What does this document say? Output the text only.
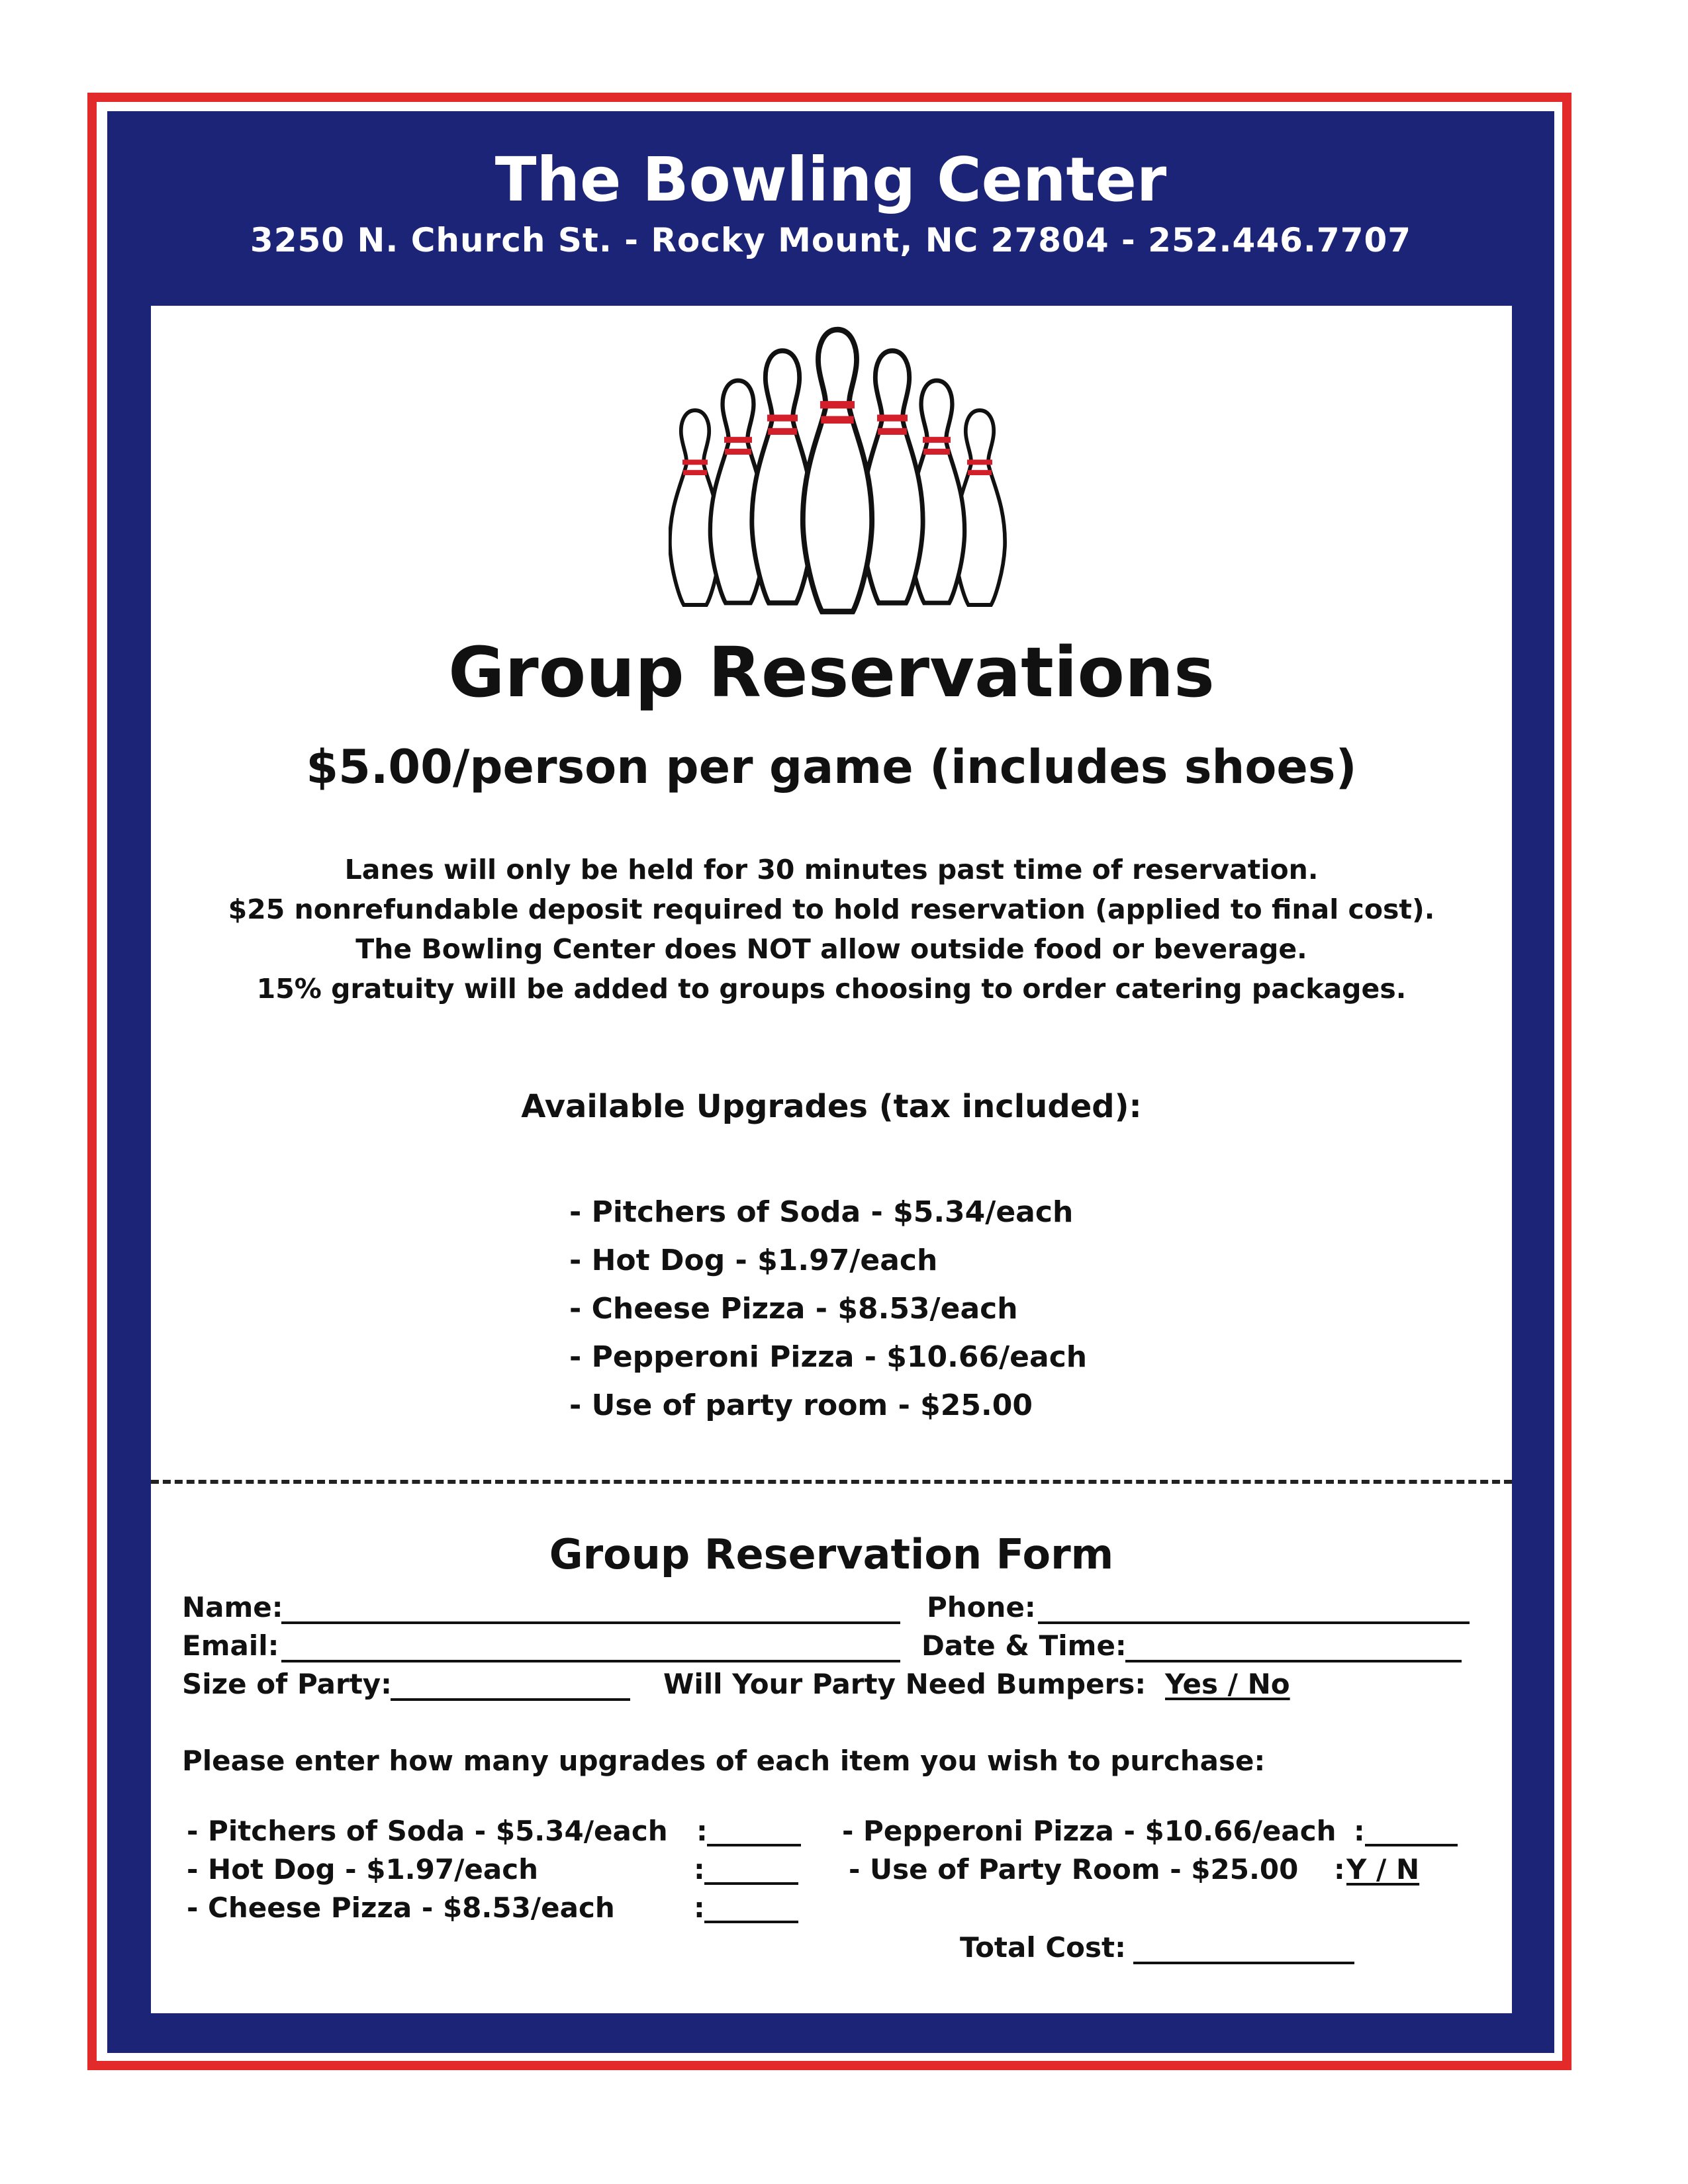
The Bowling Center
3250 N. Church St. - Rocky Mount, NC 27804 - 252.446.7707
Group Reservations
$5.00/person per game (includes shoes)
Lanes will only be held for 30 minutes past time of reservation.
$25 nonrefundable deposit required to hold reservation (applied to final cost).
The Bowling Center does NOT allow outside food or beverage.
15% gratuity will be added to groups choosing to order catering packages.
Available Upgrades (tax included):
- Pitchers of Soda - $5.34/each
- Hot Dog - $1.97/each
- Cheese Pizza - $8.53/each
- Pepperoni Pizza - $10.66/each
- Use of party room - $25.00
Group Reservation Form
Name:	Phone:
Email:	Date & Time:
Size of Party:	Will Your Party Need Bumpers: Yes / No
Please enter how many upgrades of each item you wish to purchase:
- Pitchers of Soda - $5.34/each :
- Hot Dog - $1.97/each	:
- Cheese Pizza - $8.53/each	:
- Pepperoni Pizza - $10.66/each :
- Use of Party Room - $25.00 : Y / N
Total Cost:
